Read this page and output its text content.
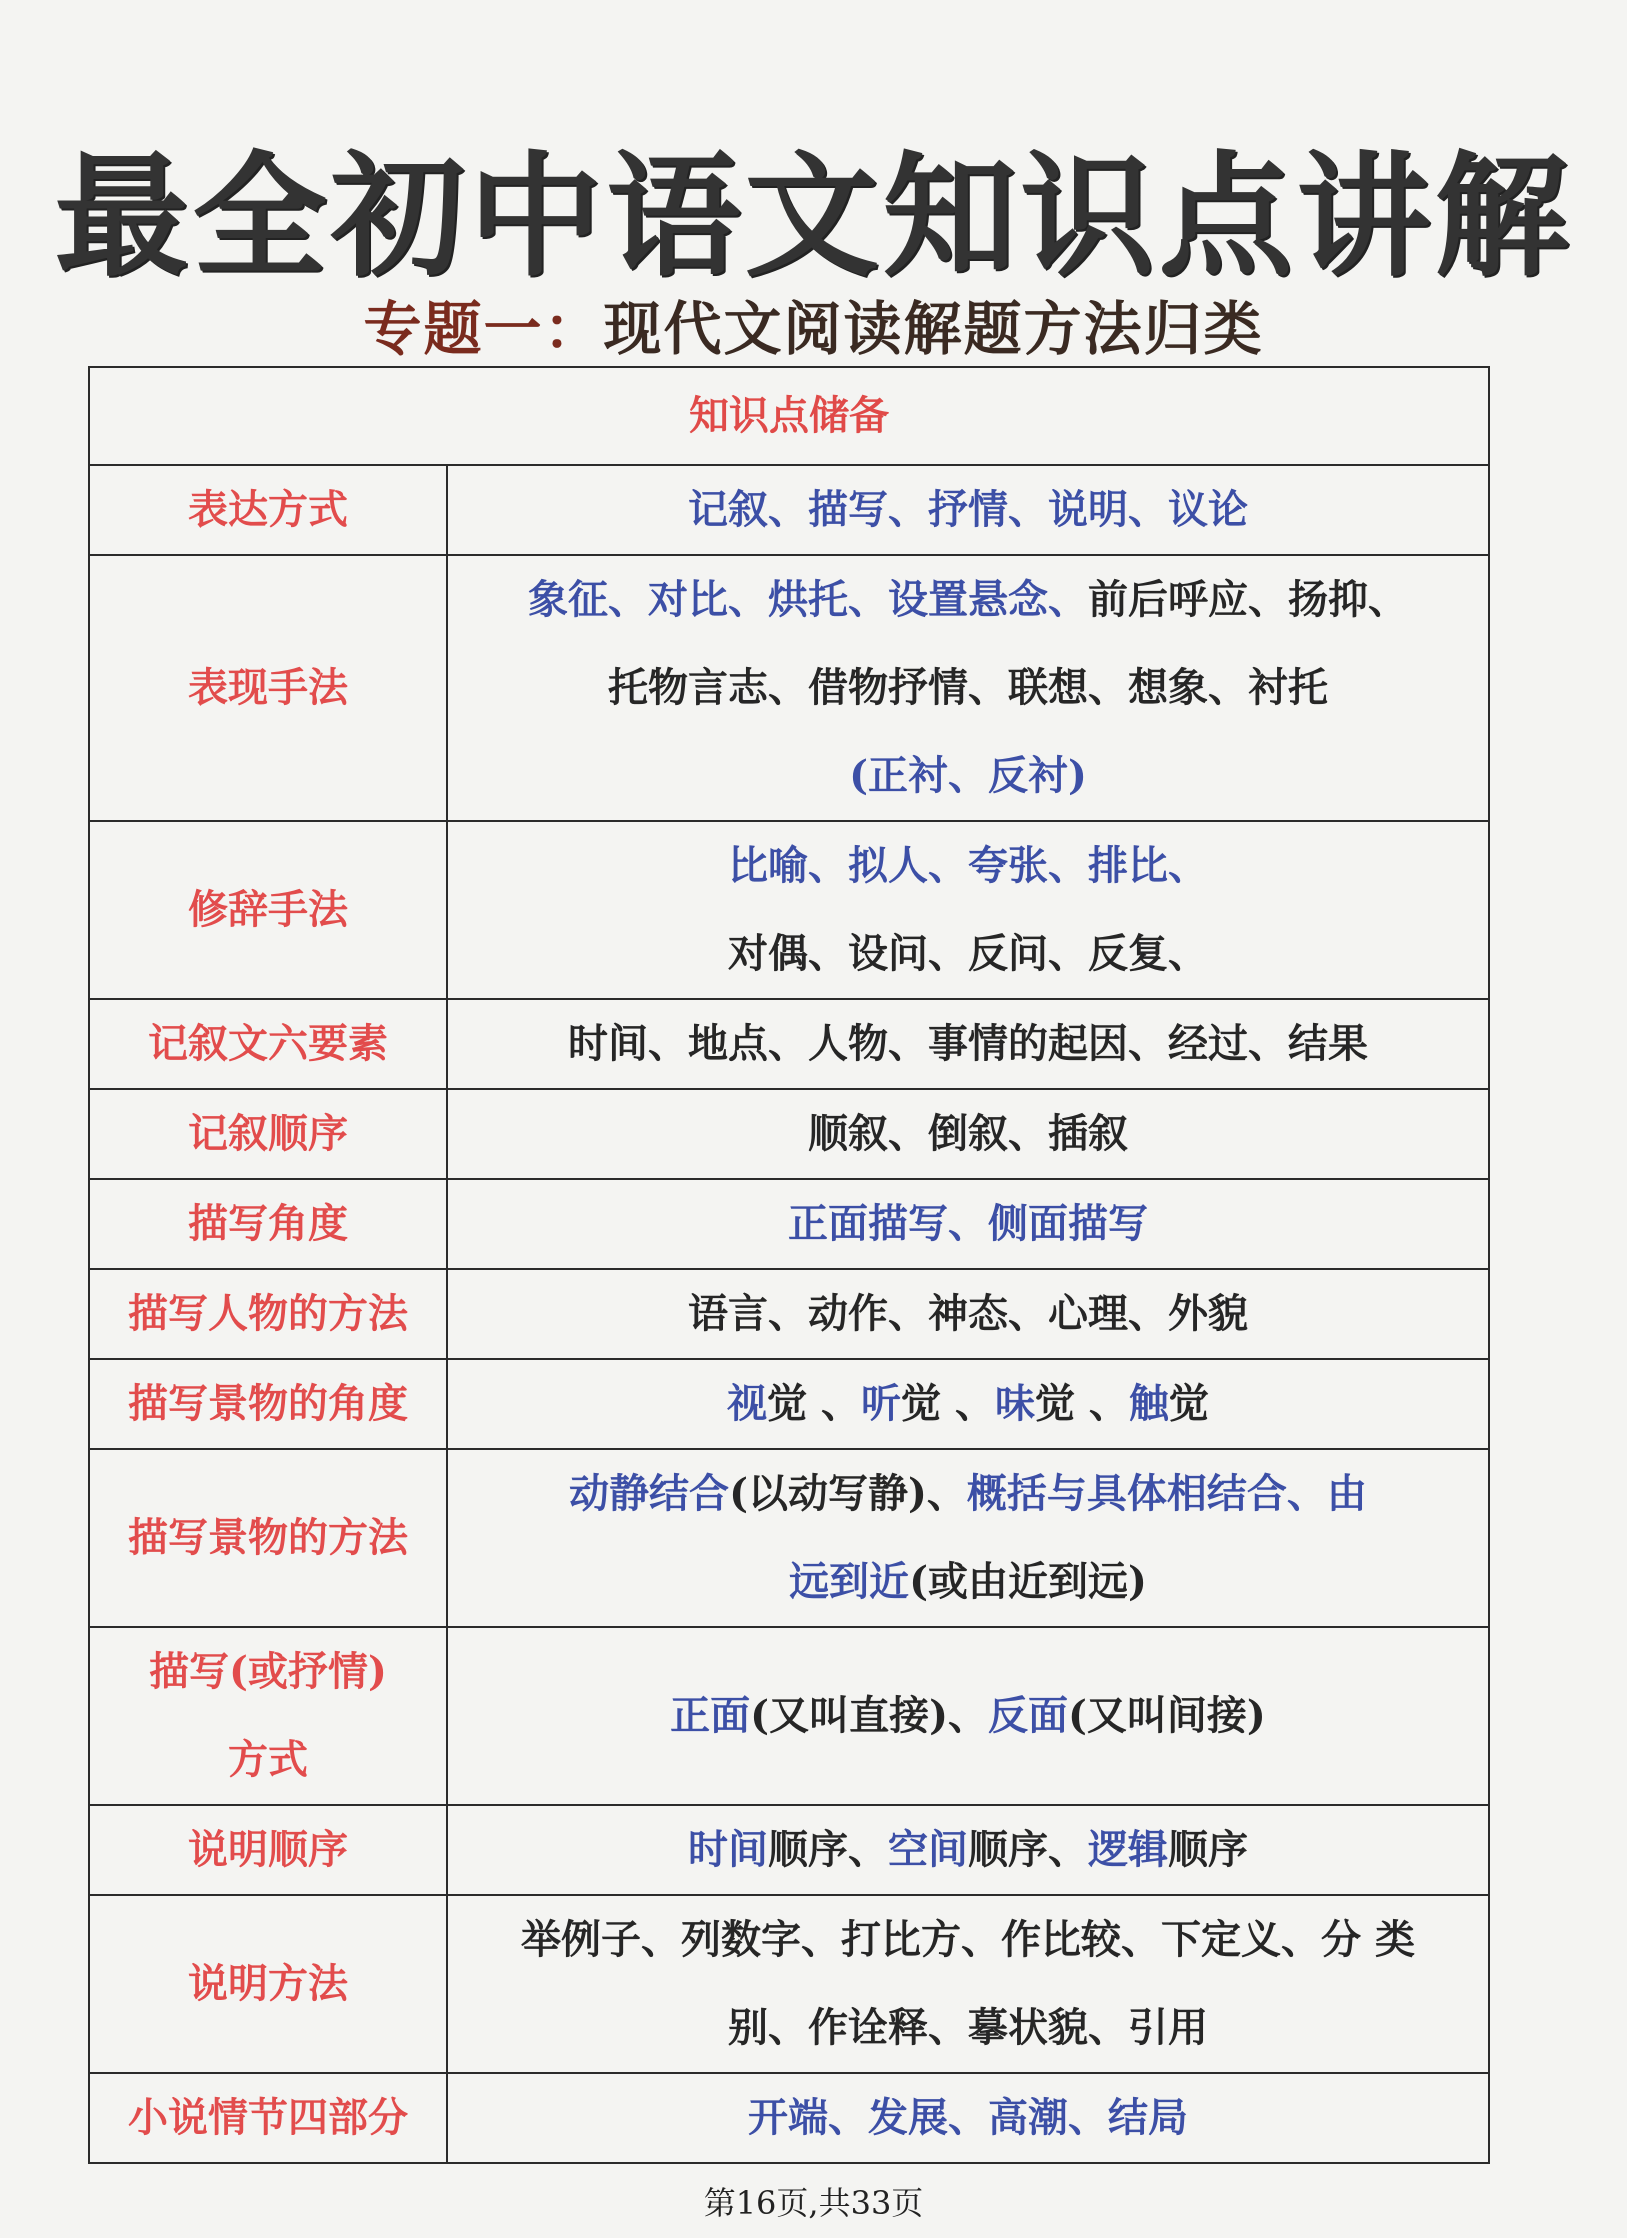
最全初中语文知识点讲解
专题一：现代文阅读解题方法归类
知识点储备	

表达方式	记叙、描写、抒情、说明、议论

表现手法	象征、对比、烘托、设置悬念、前后呼应、扬抑、
托物言志、借物抒情、联想、想象、衬托
(正衬、反衬)

修辞手法	比喻、拟人、夸张、排比、
对偶、设问、反问、反复、

记叙文六要素	时间、地点、人物、事情的起因、经过、结果

记叙顺序	顺叙、倒叙、插叙

描写角度	正面描写、侧面描写

描写人物的方法	语言、动作、神态、心理、外貌

描写景物的角度	视觉 、听觉 、味觉 、触觉

描写景物的方法	动静结合(以动写静)、概括与具体相结合、由
远到近(或由近到远)

描写(或抒情)
方式	正面(又叫直接)、反面(又叫间接)

说明顺序	时间顺序、空间顺序、逻辑顺序

说明方法	举例子、列数字、打比方、作比较、下定义、分 类
别、作诠释、摹状貌、引用

小说情节四部分	开端、发展、高潮、结局
第16页,共33页
